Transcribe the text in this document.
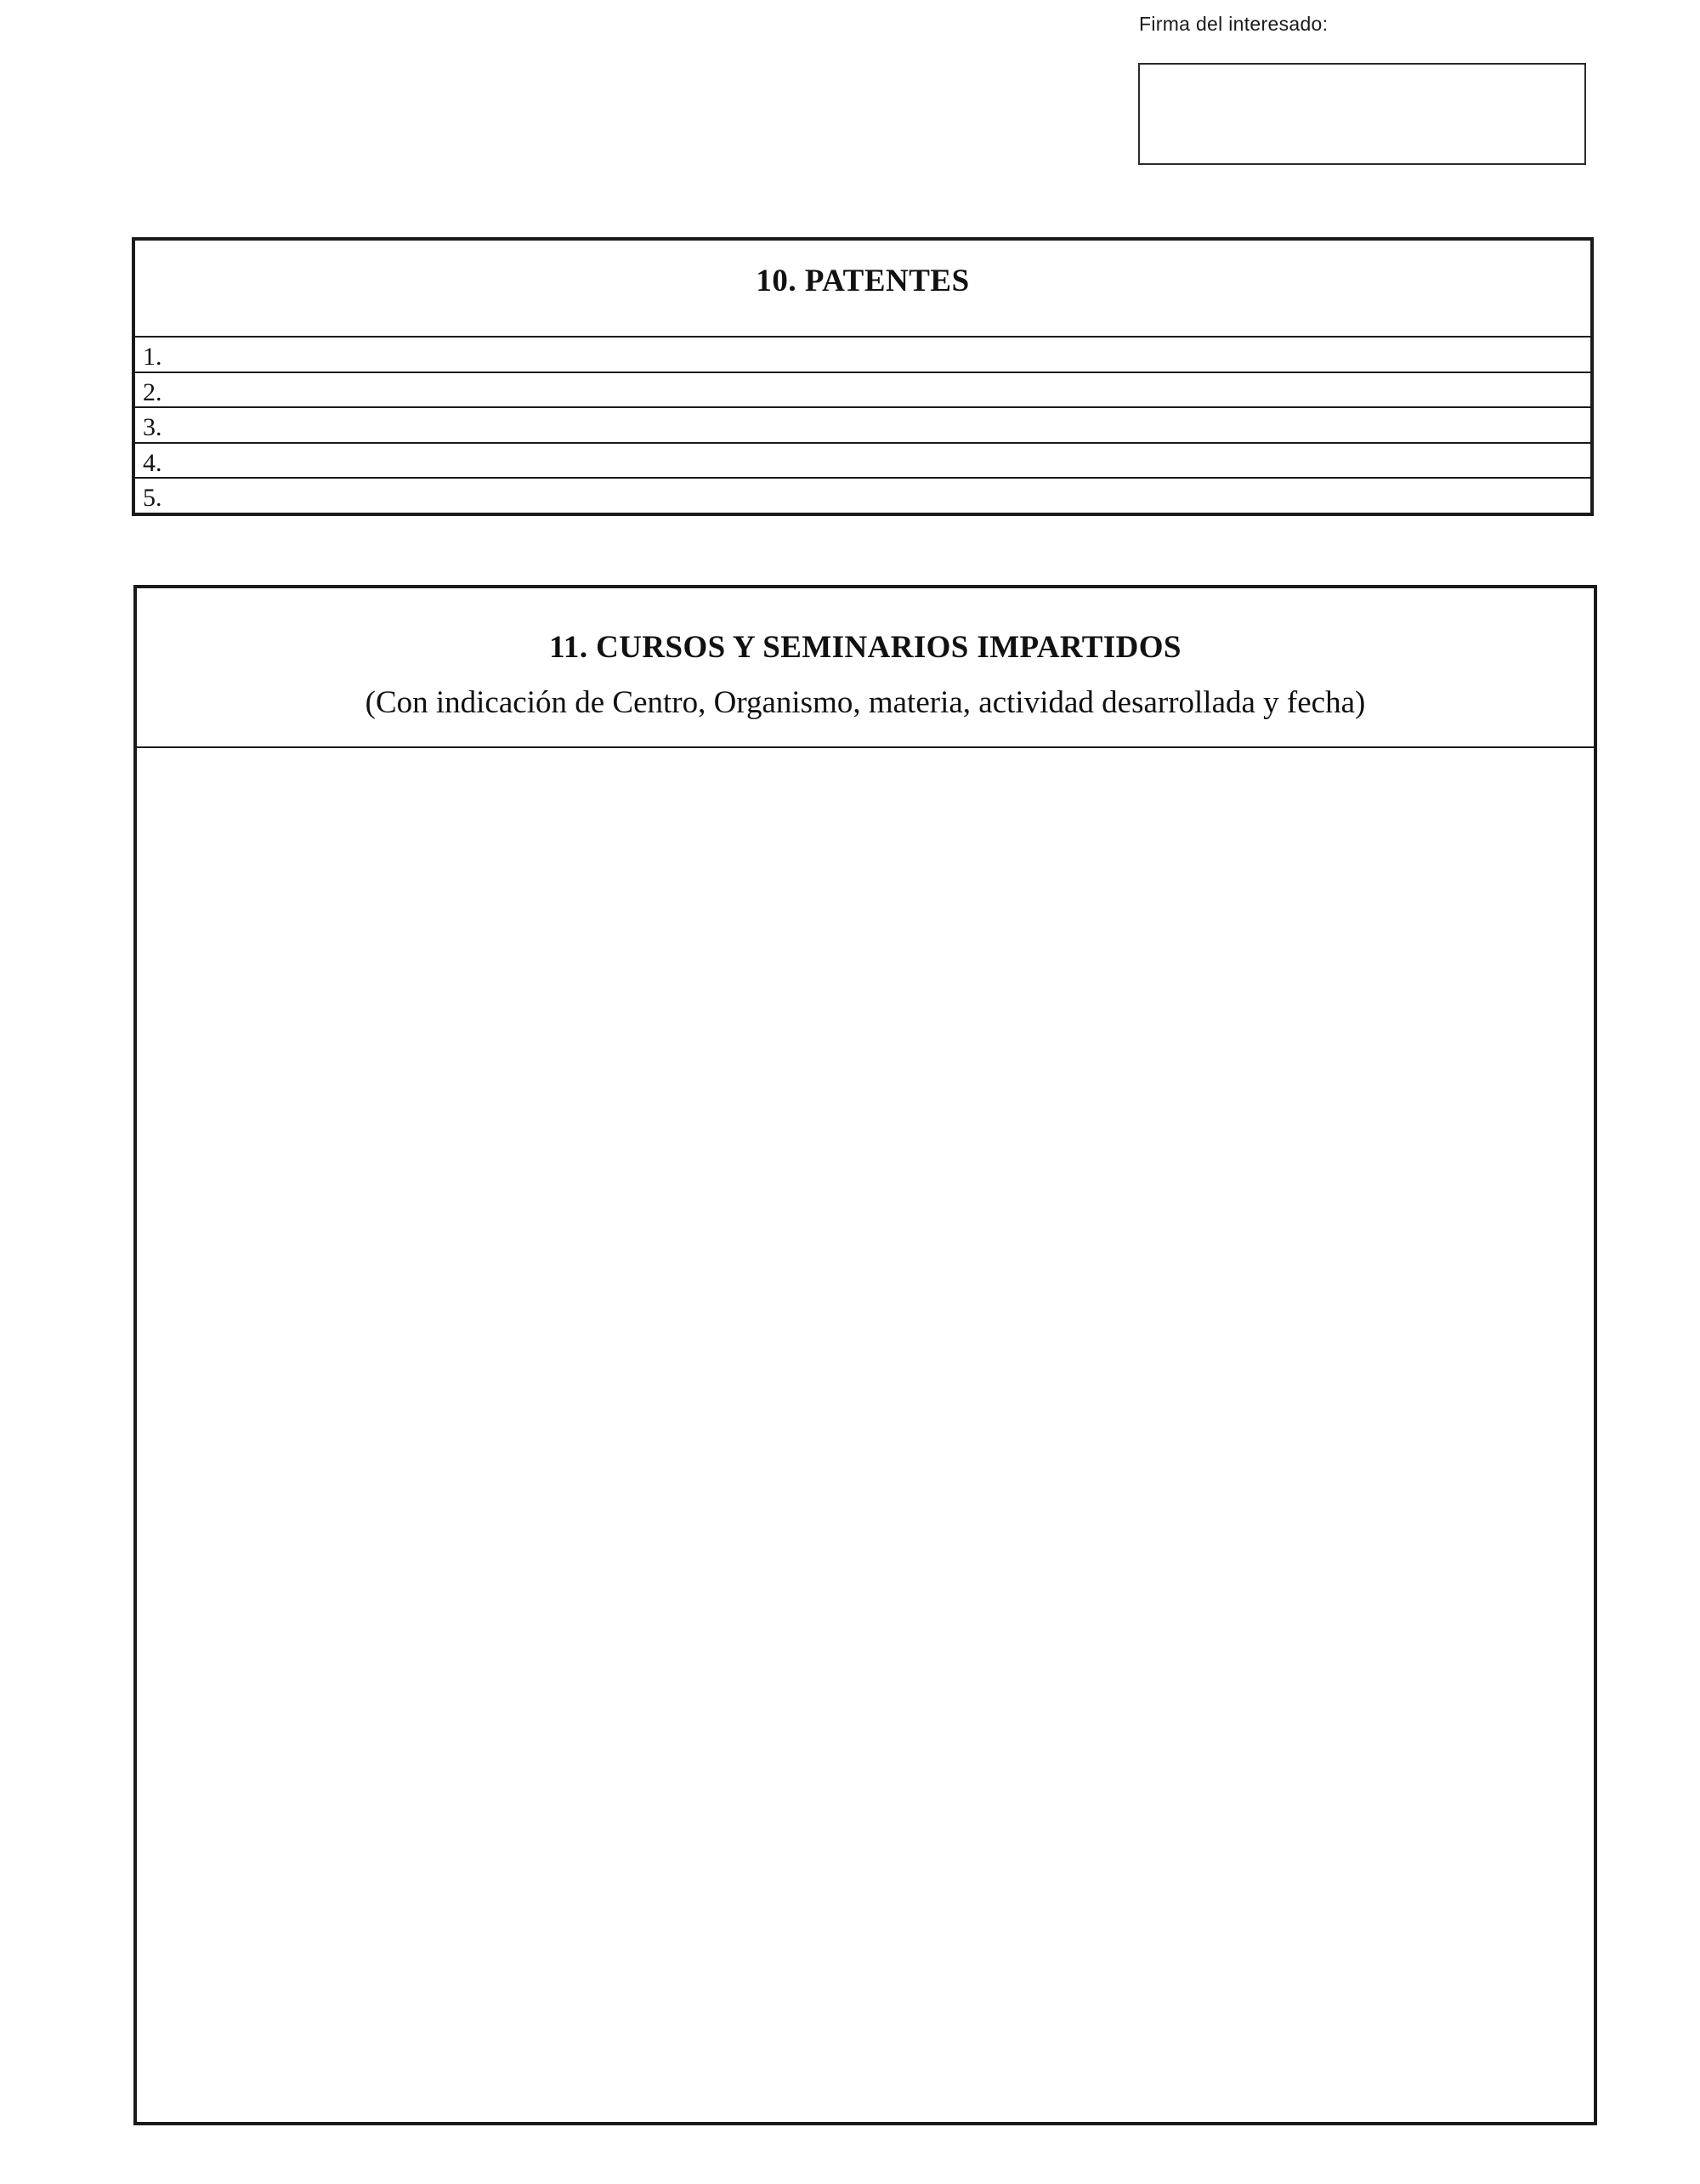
Firma del interesado:
10. PATENTES
1.
2.
3.
4.
5.
11. CURSOS Y SEMINARIOS IMPARTIDOS
(Con indicación de Centro, Organismo, materia, actividad desarrollada y fecha)
